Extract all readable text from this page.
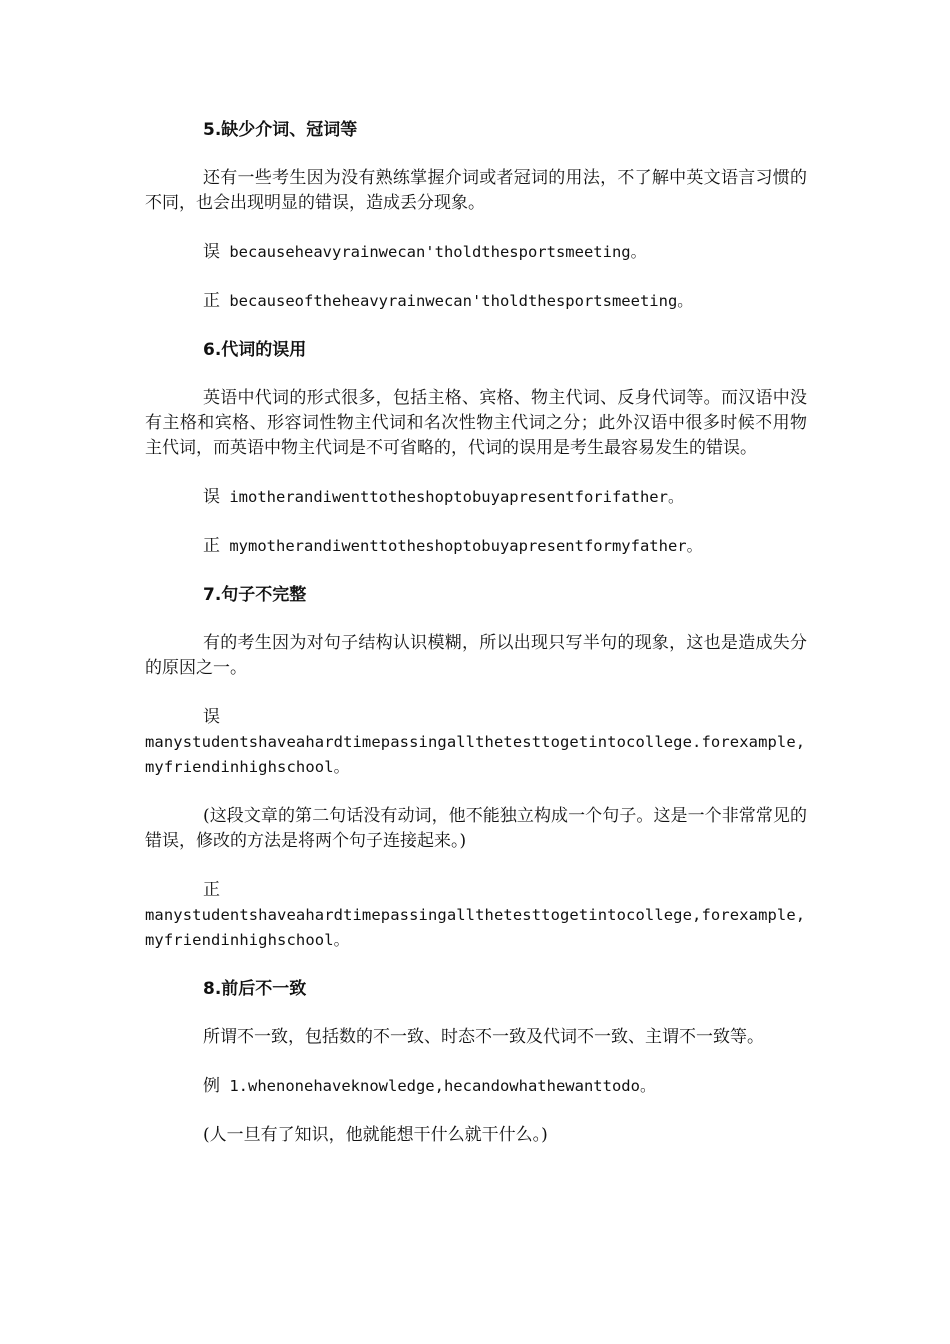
5.缺少介词、冠词等
还有一些考生因为没有熟练掌握介词或者冠词的用法，不了解中英文语言习惯的不同，也会出现明显的错误，造成丢分现象。
误 becauseheavyrainwecan'tholdthesportsmeeting。
正 becauseoftheheavyrainwecan'tholdthesportsmeeting。
6.代词的误用
英语中代词的形式很多，包括主格、宾格、物主代词、反身代词等。而汉语中没有主格和宾格、形容词性物主代词和名次性物主代词之分；此外汉语中很多时候不用物主代词，而英语中物主代词是不可省略的，代词的误用是考生最容易发生的错误。
误 imotherandiwenttotheshoptobuyapresentforifather。
正 mymotherandiwenttotheshoptobuyapresentformyfather。
7.句子不完整
有的考生因为对句子结构认识模糊，所以出现只写半句的现象，这也是造成失分的原因之一。
误
manystudentshaveahardtimepassingallthetesttogetintocollege.forexample,myfriendinhighschool。
(这段文章的第二句话没有动词，他不能独立构成一个句子。这是一个非常常见的错误，修改的方法是将两个句子连接起来。)
正
manystudentshaveahardtimepassingallthetesttogetintocollege,forexample,myfriendinhighschool。
8.前后不一致
所谓不一致，包括数的不一致、时态不一致及代词不一致、主谓不一致等。
例 1.whenonehaveknowledge,hecandowhathewanttodo。
(人一旦有了知识，他就能想干什么就干什么。)
